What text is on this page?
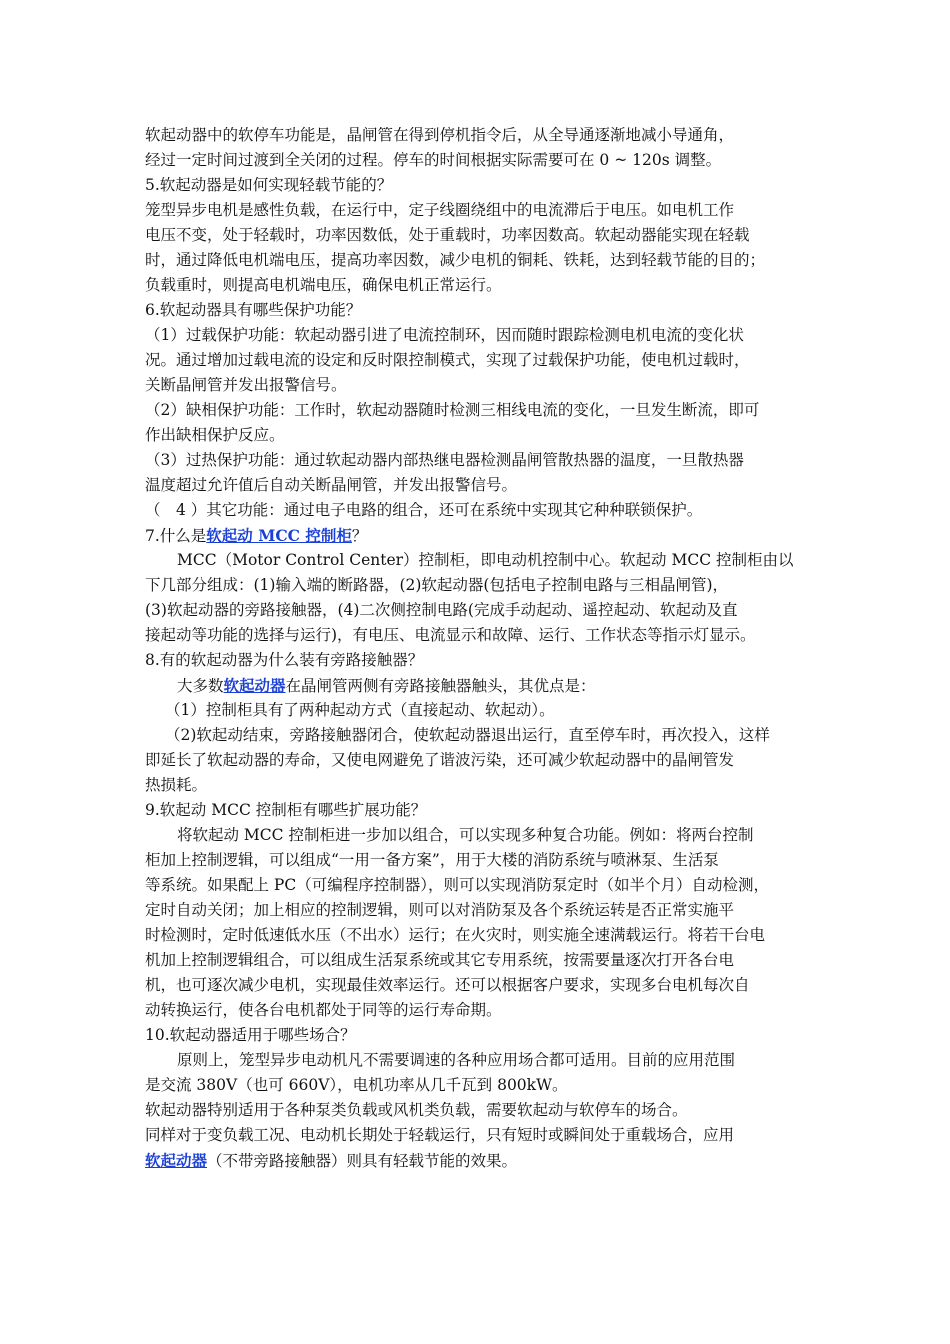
软起动器中的软停车功能是，晶闸管在得到停机指令后，从全导通逐渐地减小导通角，
经过一定时间过渡到全关闭的过程。停车的时间根据实际需要可在 0 ~ 120s 调整。
5.软起动器是如何实现轻载节能的？
笼型异步电机是感性负载，在运行中，定子线圈绕组中的电流滞后于电压。如电机工作
电压不变，处于轻载时，功率因数低，处于重载时，功率因数高。软起动器能实现在轻载
时，通过降低电机端电压，提高功率因数，减少电机的铜耗、铁耗，达到轻载节能的目的；
负载重时，则提高电机端电压，确保电机正常运行。
6.软起动器具有哪些保护功能？
（1）过载保护功能：软起动器引进了电流控制环，因而随时跟踪检测电机电流的变化状
况。通过增加过载电流的设定和反时限控制模式，实现了过载保护功能，使电机过载时，
关断晶闸管并发出报警信号。
（2）缺相保护功能：工作时，软起动器随时检测三相线电流的变化，一旦发生断流，即可
作出缺相保护反应。
（3）过热保护功能：通过软起动器内部热继电器检测晶闸管散热器的温度，一旦散热器
温度超过允许值后自动关断晶闸管，并发出报警信号。
（　4 ）其它功能：通过电子电路的组合，还可在系统中实现其它种种联锁保护。
7.什么是软起动 MCC 控制柜？
MCC（Motor Control Center）控制柜，即电动机控制中心。软起动 MCC 控制柜由以
下几部分组成：(1)输入端的断路器，(2)软起动器(包括电子控制电路与三相晶闸管)，
(3)软起动器的旁路接触器，(4)二次侧控制电路(完成手动起动、遥控起动、软起动及直
接起动等功能的选择与运行)，有电压、电流显示和故障、运行、工作状态等指示灯显示。
8.有的软起动器为什么装有旁路接触器？
大多数软起动器在晶闸管两侧有旁路接触器触头，其优点是：
（1）控制柜具有了两种起动方式（直接起动、软起动）。
（2)软起动结束，旁路接触器闭合，使软起动器退出运行，直至停车时，再次投入，这样
即延长了软起动器的寿命，又使电网避免了谐波污染，还可减少软起动器中的晶闸管发
热损耗。
9.软起动 MCC 控制柜有哪些扩展功能？
将软起动 MCC 控制柜进一步加以组合，可以实现多种复合功能。例如：将两台控制
柜加上控制逻辑，可以组成“一用一备方案”，用于大楼的消防系统与喷淋泵、生活泵
等系统。如果配上 PC（可编程序控制器），则可以实现消防泵定时（如半个月）自动检测，
定时自动关闭；加上相应的控制逻辑，则可以对消防泵及各个系统运转是否正常实施平
时检测时，定时低速低水压（不出水）运行；在火灾时，则实施全速满载运行。将若干台电
机加上控制逻辑组合，可以组成生活泵系统或其它专用系统，按需要量逐次打开各台电
机，也可逐次减少电机，实现最佳效率运行。还可以根据客户要求，实现多台电机每次自
动转换运行，使各台电机都处于同等的运行寿命期。
10.软起动器适用于哪些场合？
原则上，笼型异步电动机凡不需要调速的各种应用场合都可适用。目前的应用范围
是交流 380V（也可 660V），电机功率从几千瓦到 800kW。
软起动器特别适用于各种泵类负载或风机类负载，需要软起动与软停车的场合。
同样对于变负载工况、电动机长期处于轻载运行，只有短时或瞬间处于重载场合，应用
软起动器（不带旁路接触器）则具有轻载节能的效果。
